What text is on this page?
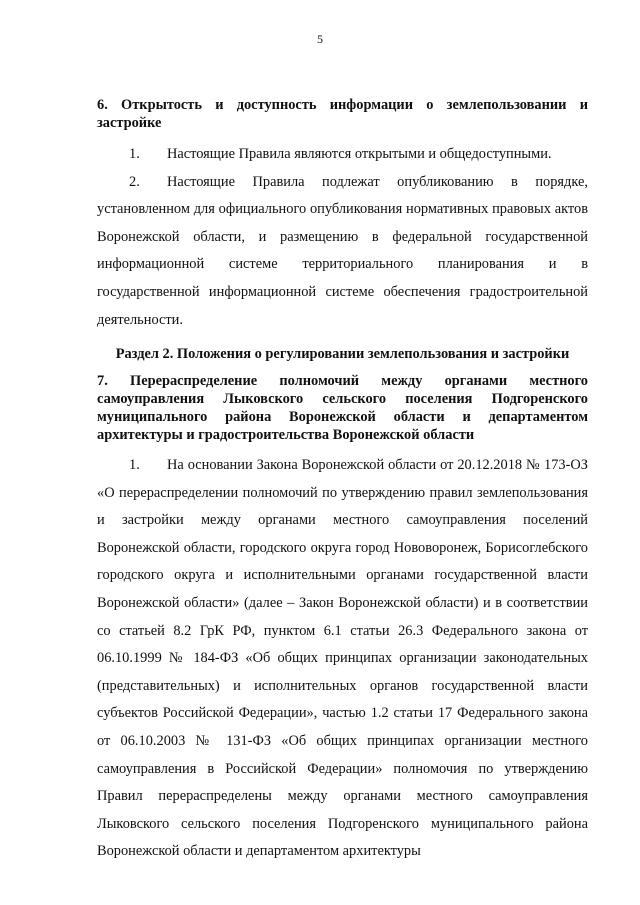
5
6. Открытость и доступность информации о землепользовании и застройке

1. Настоящие Правила являются открытыми и общедоступными.

2. Настоящие Правила подлежат опубликованию в порядке, установленном для официального опубликования нормативных правовых актов Воронежской области, и размещению в федеральной государственной информационной системе территориального планирования и в государственной информационной системе обеспечения градостроительной деятельности.

Раздел 2. Положения о регулировании землепользования и застройки
7. Перераспределение полномочий между органами местного самоуправления Лыковского сельского поселения Подгоренского муниципального района Воронежской области и департаментом архитектуры и градостроительства Воронежской области

1. На основании Закона Воронежской области от 20.12.2018 № 173-ОЗ «О перераспределении полномочий по утверждению правил землепользования и застройки между органами местного самоуправления поселений Воронежской области, городского округа город Нововоронеж, Борисоглебского городского округа и исполнительными органами государственной власти Воронежской области» (далее – Закон Воронежской области) и в соответствии со статьей 8.2 ГрК РФ, пунктом 6.1 статьи 26.3 Федерального закона от 06.10.1999 № 184-ФЗ «Об общих принципах организации законодательных (представительных) и исполнительных органов государственной власти субъектов Российской Федерации», частью 1.2 статьи 17 Федерального закона от 06.10.2003 № 131-ФЗ «Об общих принципах организации местного самоуправления в Российской Федерации» полномочия по утверждению Правил перераспределены между органами местного самоуправления Лыковского сельского поселения Подгоренского муниципального района Воронежской области и департаментом архитектуры
